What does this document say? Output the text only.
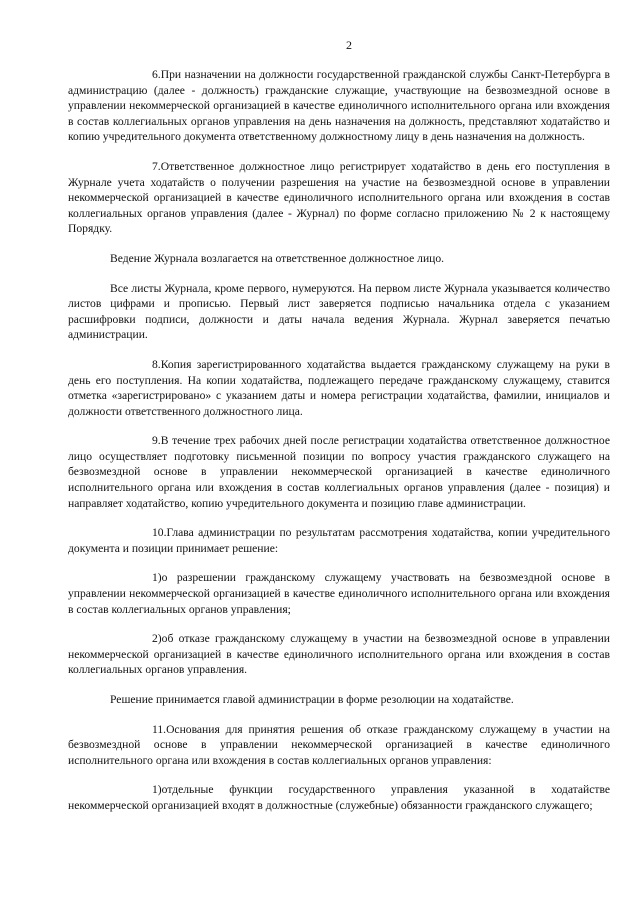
2

6.При назначении на должности государственной гражданской службы Санкт-Петербурга в администрацию (далее - должность) гражданские служащие, участвующие на безвозмездной основе в управлении некоммерческой организацией в качестве единоличного исполнительного органа или вхождения в состав коллегиальных органов управления на день назначения на должность, представляют ходатайство и копию учредительного документа ответственному должностному лицу в день назначения на должность.

7.Ответственное должностное лицо регистрирует ходатайство в день его поступления в Журнале учета ходатайств о получении разрешения на участие на безвозмездной основе в управлении некоммерческой организацией в качестве единоличного исполнительного органа или вхождения в состав коллегиальных органов управления (далее - Журнал) по форме согласно приложению № 2 к настоящему Порядку.

Ведение Журнала возлагается на ответственное должностное лицо.

Все листы Журнала, кроме первого, нумеруются. На первом листе Журнала указывается количество листов цифрами и прописью. Первый лист заверяется подписью начальника отдела с указанием расшифровки подписи, должности и даты начала ведения Журнала. Журнал заверяется печатью администрации.

8.Копия зарегистрированного ходатайства выдается гражданскому служащему на руки в день его поступления. На копии ходатайства, подлежащего передаче гражданскому служащему, ставится отметка «зарегистрировано» с указанием даты и номера регистрации ходатайства, фамилии, инициалов и должности ответственного должностного лица.

9.В течение трех рабочих дней после регистрации ходатайства ответственное должностное лицо осуществляет подготовку письменной позиции по вопросу участия гражданского служащего на безвозмездной основе в управлении некоммерческой организацией в качестве единоличного исполнительного органа или вхождения в состав коллегиальных органов управления (далее - позиция) и направляет ходатайство, копию учредительного документа и позицию главе администрации.

10.Глава администрации по результатам рассмотрения ходатайства, копии учредительного документа и позиции принимает решение:

1)о разрешении гражданскому служащему участвовать на безвозмездной основе в управлении некоммерческой организацией в качестве единоличного исполнительного органа или вхождения в состав коллегиальных органов управления;

2)об отказе гражданскому служащему в участии на безвозмездной основе в управлении некоммерческой организацией в качестве единоличного исполнительного органа или вхождения в состав коллегиальных органов управления.

Решение принимается главой администрации в форме резолюции на ходатайстве.

11.Основания для принятия решения об отказе гражданскому служащему в участии на безвозмездной основе в управлении некоммерческой организацией в качестве единоличного исполнительного органа или вхождения в состав коллегиальных органов управления:

1)отдельные функции государственного управления указанной в ходатайстве некоммерческой организацией входят в должностные (служебные) обязанности гражданского служащего;
